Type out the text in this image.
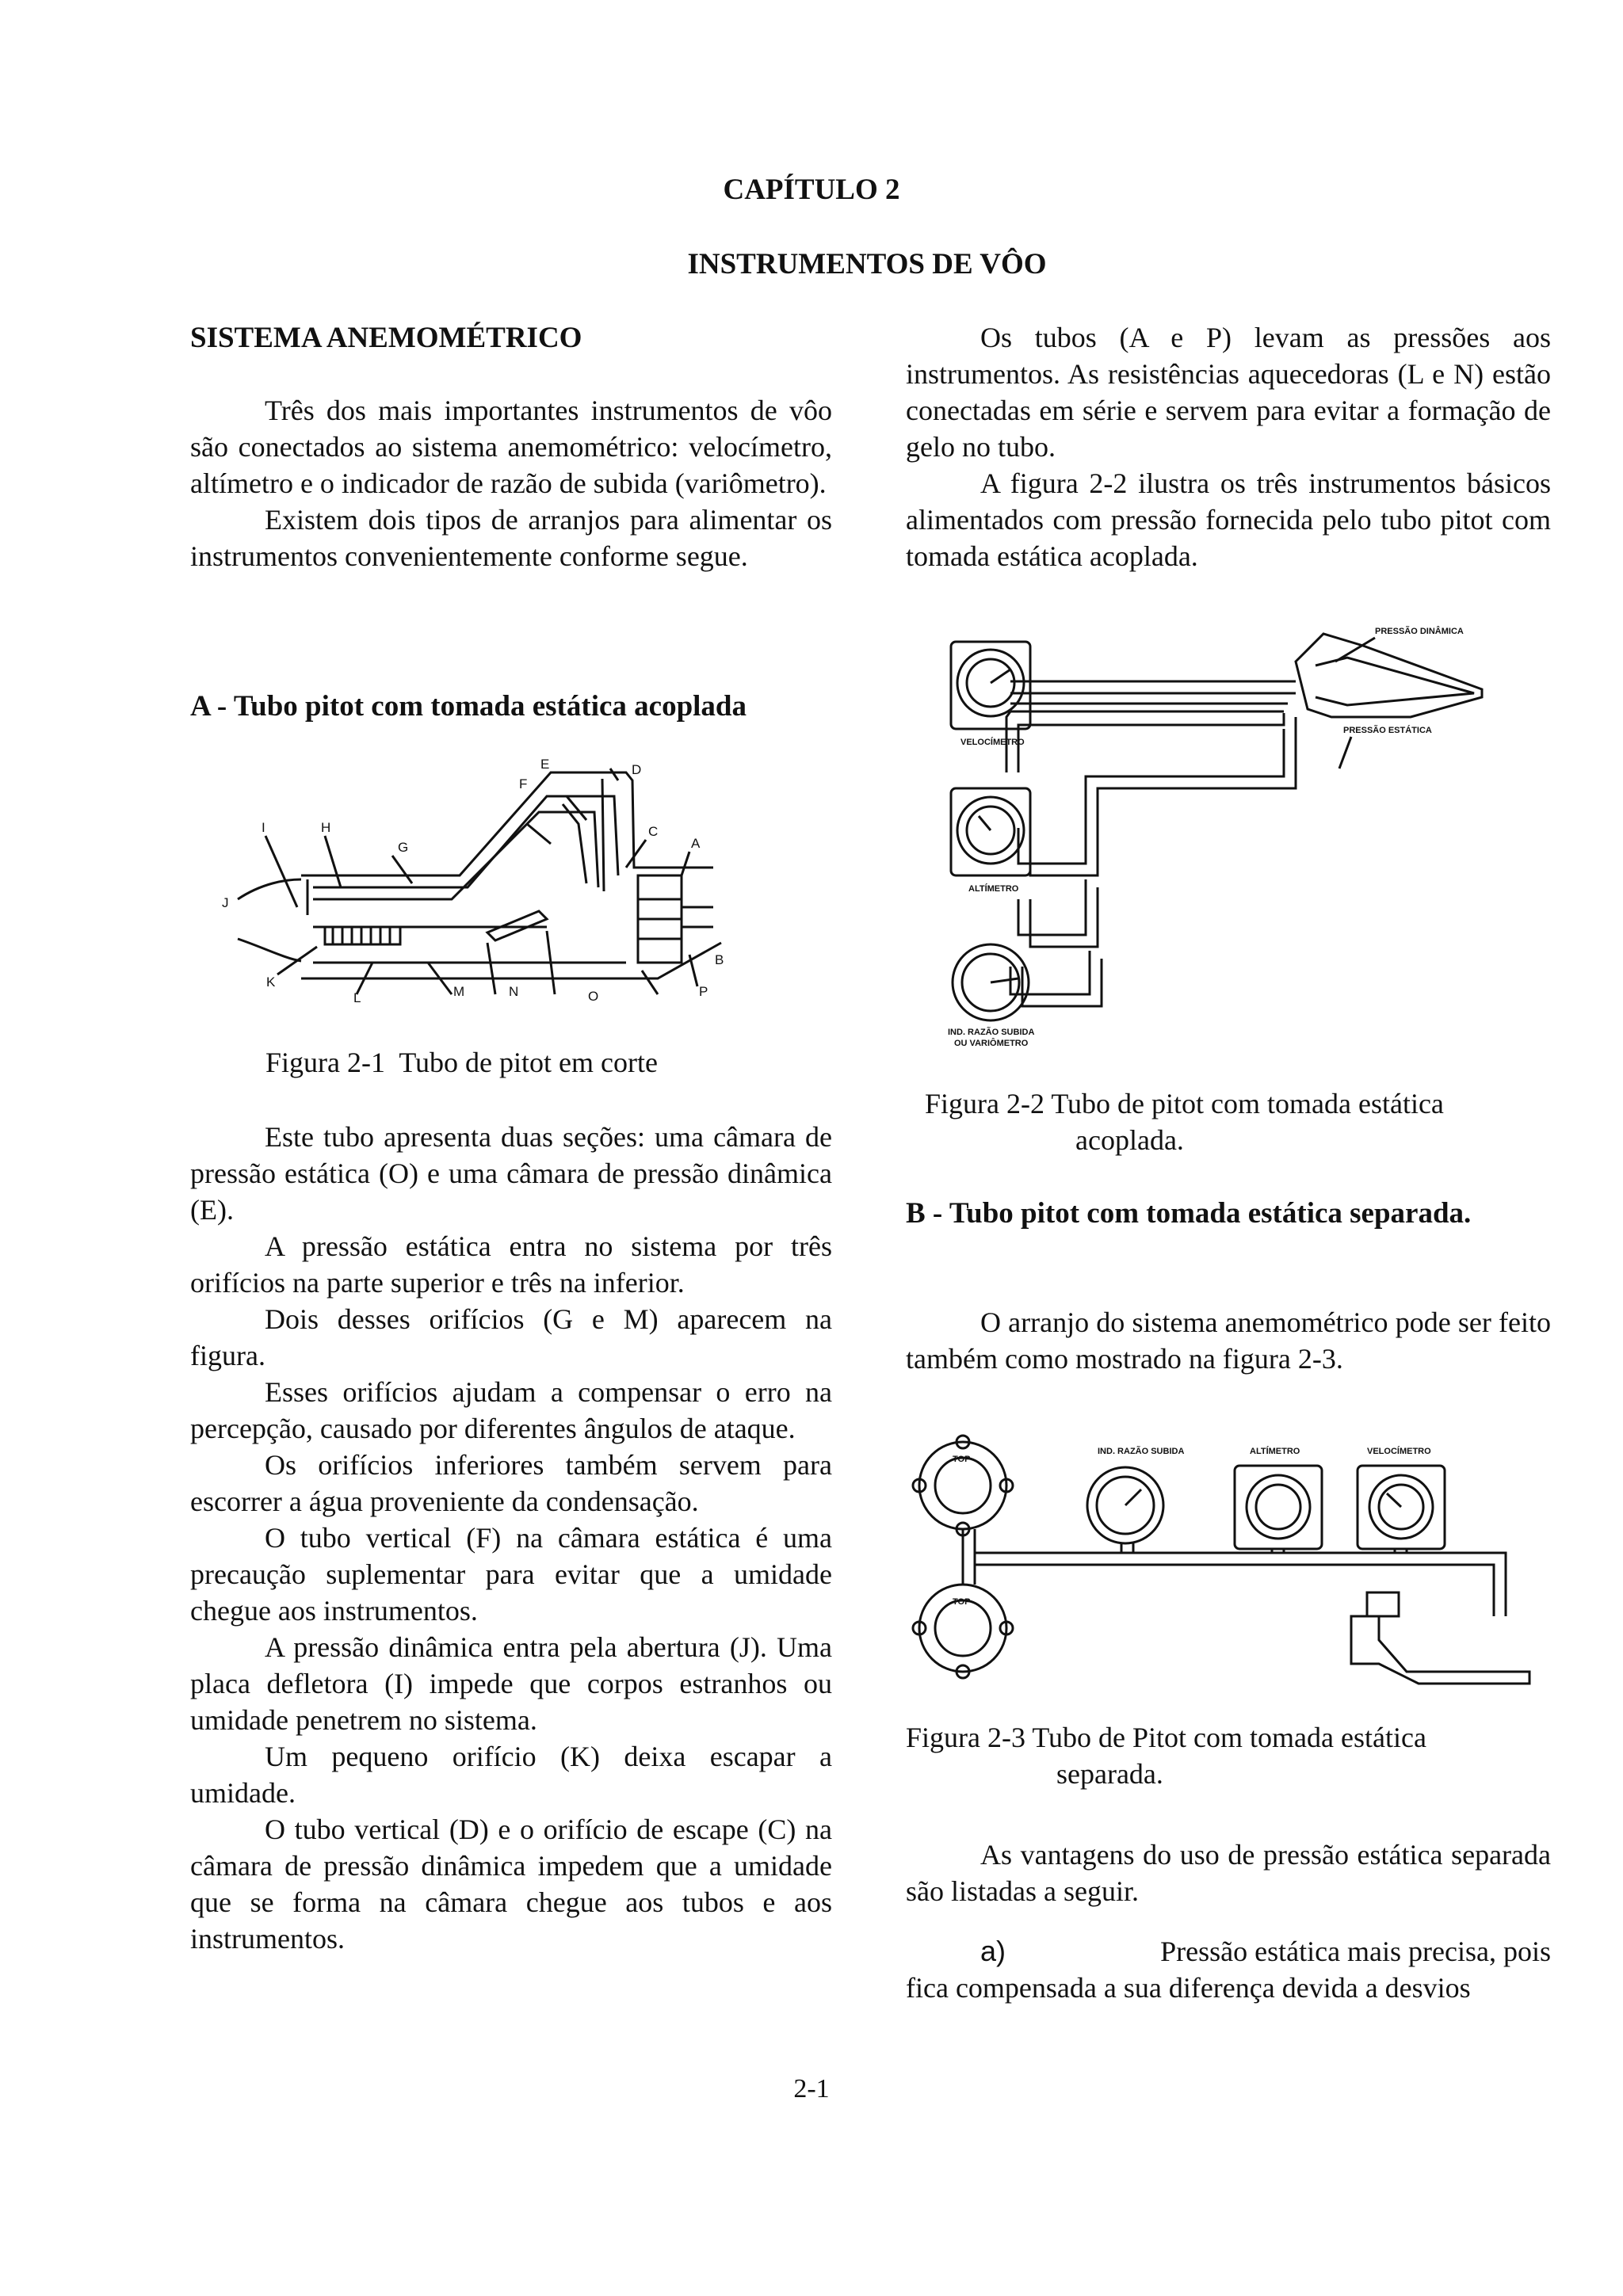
CAPÍTULO 2
INSTRUMENTOS DE VÔO
SISTEMA ANEMOMÉTRICO

Três dos mais importantes instrumentos de vôo são conectados ao sistema anemométrico: velocímetro, altímetro e o indicador de razão de subida (variômetro).

Existem dois tipos de arranjos para alimentar os instrumentos convenientemente conforme segue.

A - Tubo pitot com tomada estática acoplada
E	D
F
I	H
G
C
A
J
B
K
L	M	N	O	P
Figura 2-1  Tubo de pitot em corte

Este tubo apresenta duas seções: uma câmara de pressão estática (O) e uma câmara de pressão dinâmica (E).

A pressão estática entra no sistema por três orifícios na parte superior e três na inferior.

Dois desses orifícios (G e M) aparecem na figura.

Esses orifícios ajudam a compensar o erro na percepção, causado por diferentes ângulos de ataque.

Os orifícios inferiores também servem para escorrer a água proveniente da condensação.

O tubo vertical (F) na câmara estática é uma precaução suplementar para evitar que a umidade chegue aos instrumentos.

A pressão dinâmica entra pela abertura (J). Uma placa defletora (I) impede que corpos estranhos ou umidade penetrem no sistema.

Um pequeno orifício (K) deixa escapar a umidade.

O tubo vertical (D) e o orifício de escape (C) na câmara de pressão dinâmica impedem que a umidade que se forma na câmara chegue aos tubos e aos instrumentos.

Os tubos (A e P) levam as pressões aos instrumentos. As resistências aquecedoras (L e N) estão conectadas em série e servem para evitar a formação de gelo no tubo.

A figura 2-2 ilustra os três instrumentos básicos alimentados com pressão fornecida pelo tubo pitot com tomada estática acoplada.

PRESSÃO DINÂMICA
PRESSÃO ESTÁTICA
VELOCÍMETRO
ALTÍMETRO
IND. RAZÃO SUBIDA
OU VARIÔMETRO
Figura 2-2 Tubo de pitot com tomada estática
acoplada.
B - Tubo pitot com tomada estática separada.

O arranjo do sistema anemométrico pode ser feito também como mostrado na figura 2-3.

IND. RAZÃO SUBIDA	ALTÍMETRO	VELOCÍMETRO
TOP
TOP
Figura 2-3 Tubo de Pitot com tomada estática
separada.

As vantagens do uso de pressão estática separada são listadas a seguir.

a)	Pressão estática mais precisa, pois
fica compensada a sua diferença devida a desvios
2-1
